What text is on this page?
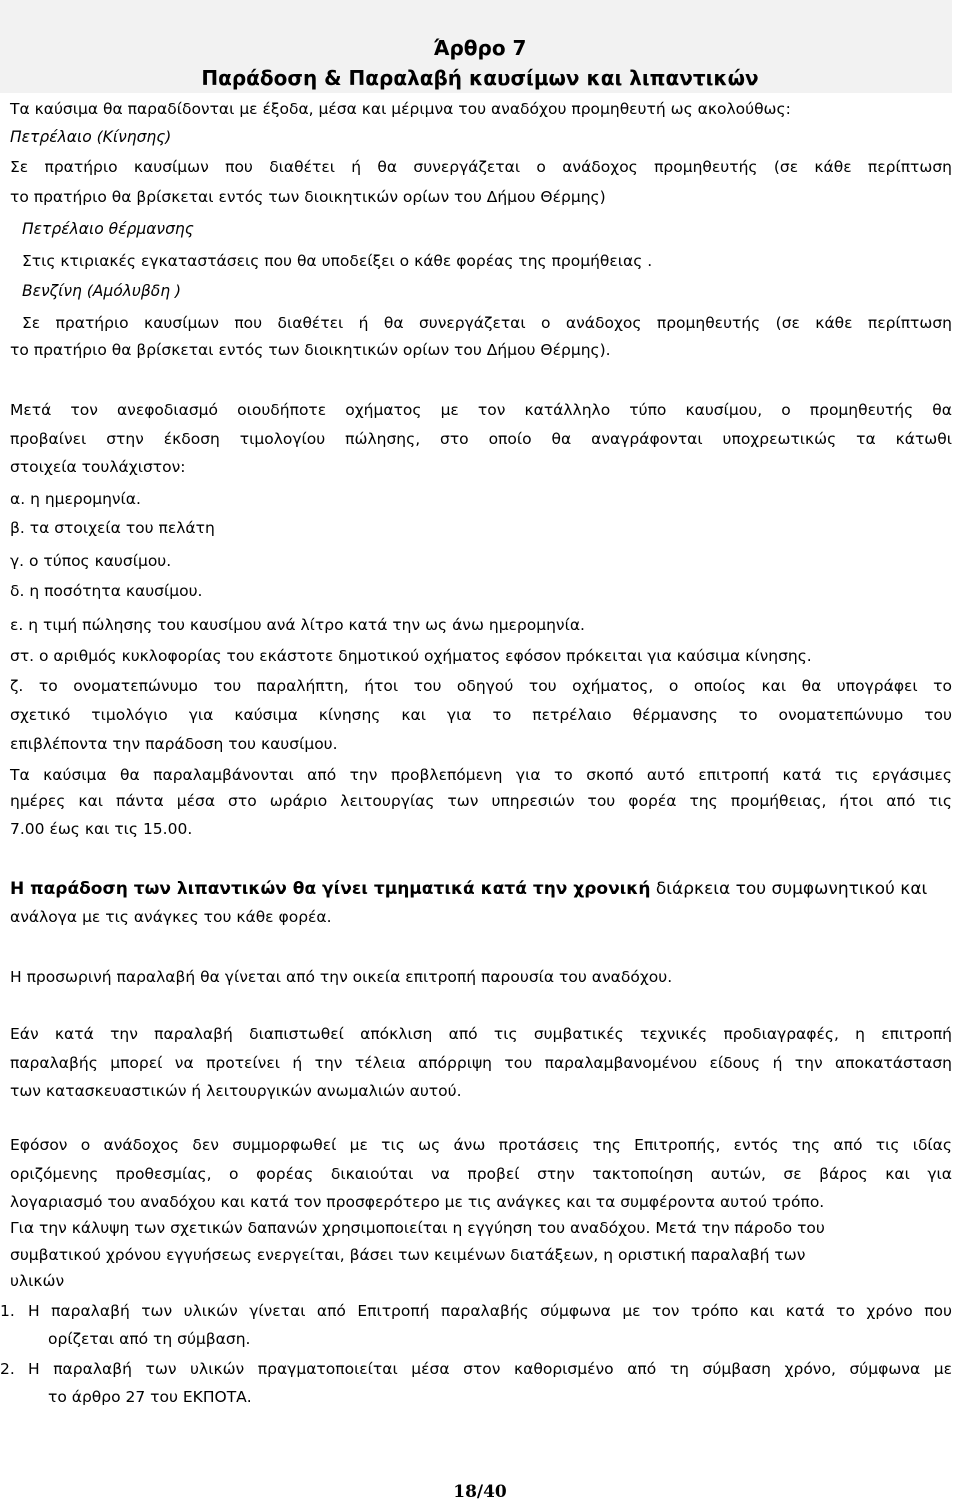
Άρθρο 7
Παράδοση & Παραλαβή καυσίμων και λιπαντικών
Τα καύσιμα θα παραδίδονται με έξοδα, μέσα και μέριμνα του αναδόχου προμηθευτή ως ακολούθως:
Πετρέλαιο (Κίνησης)
Σε πρατήριο καυσίμων που διαθέτει ή θα συνεργάζεται ο ανάδοχος προμηθευτής (σε κάθε περίπτωση
το πρατήριο θα βρίσκεται εντός των διοικητικών ορίων του Δήμου Θέρμης)
Πετρέλαιο θέρμανσης
Στις κτιριακές εγκαταστάσεις που θα υποδείξει ο κάθε φορέας της προμήθειας .
Βενζίνη (Αμόλυβδη )
Σε πρατήριο καυσίμων που διαθέτει ή θα συνεργάζεται ο ανάδοχος προμηθευτής (σε κάθε περίπτωση
το πρατήριο θα βρίσκεται εντός των διοικητικών ορίων του Δήμου Θέρμης).
Μετά τον ανεφοδιασμό οιουδήποτε οχήματος με τον κατάλληλο τύπο καυσίμου, ο προμηθευτής θα
προβαίνει στην έκδοση τιμολογίου πώλησης, στο οποίο θα αναγράφονται υποχρεωτικώς τα κάτωθι
στοιχεία τουλάχιστον:
α. η ημερομηνία.
β. τα στοιχεία του πελάτη
γ. ο τύπος καυσίμου.
δ. η ποσότητα καυσίμου.
ε. η τιμή πώλησης του καυσίμου ανά λίτρο κατά την ως άνω ημερομηνία.
στ. ο αριθμός κυκλοφορίας του εκάστοτε δημοτικού οχήματος εφόσον πρόκειται για καύσιμα κίνησης.
ζ. το ονοματεπώνυμο του παραλήπτη, ήτοι του οδηγού του οχήματος, ο οποίος και θα υπογράφει το
σχετικό τιμολόγιο για καύσιμα κίνησης και για το πετρέλαιο θέρμανσης το ονοματεπώνυμο του
επιβλέποντα την παράδοση του καυσίμου.
Τα καύσιμα θα παραλαμβάνονται από την προβλεπόμενη για το σκοπό αυτό επιτροπή κατά τις εργάσιμες
ημέρες και πάντα μέσα στο ωράριο λειτουργίας των υπηρεσιών του φορέα της προμήθειας, ήτοι από τις
7.00 έως και τις 15.00.
Η παράδοση των λιπαντικών θα γίνει τμηματικά κατά την χρονική διάρκεια του συμφωνητικού και
ανάλογα με τις ανάγκες του κάθε φορέα.
Η προσωρινή παραλαβή θα γίνεται από την οικεία επιτροπή παρουσία του αναδόχου.
Εάν κατά την παραλαβή διαπιστωθεί απόκλιση από τις συμβατικές τεχνικές προδιαγραφές, η επιτροπή
παραλαβής μπορεί να προτείνει ή την τέλεια απόρριψη του παραλαμβανομένου είδους ή την αποκατάσταση
των κατασκευαστικών ή λειτουργικών ανωμαλιών αυτού.
Εφόσον ο ανάδοχος δεν συμμορφωθεί με τις ως άνω προτάσεις της Επιτροπής, εντός της από τις ιδίας
οριζόμενης προθεσμίας, ο φορέας δικαιούται να προβεί στην τακτοποίηση αυτών, σε βάρος και για
λογαριασμό του αναδόχου και κατά τον προσφερότερο με τις ανάγκες και τα συμφέροντα αυτού τρόπο.
Για την κάλυψη των σχετικών δαπανών χρησιμοποιείται η εγγύηση του αναδόχου. Μετά την πάροδο του
συμβατικού χρόνου εγγυήσεως ενεργείται, βάσει των κειμένων διατάξεων, η οριστική παραλαβή των
υλικών
1. Η παραλαβή των υλικών γίνεται από Επιτροπή παραλαβής σύμφωνα με τον τρόπο και κατά το χρόνο που
ορίζεται από τη σύμβαση.
2. Η παραλαβή των υλικών πραγματοποιείται μέσα στον καθορισμένο από τη σύμβαση χρόνο, σύμφωνα με
το άρθρο 27 του ΕΚΠΟΤΑ.
18/40
